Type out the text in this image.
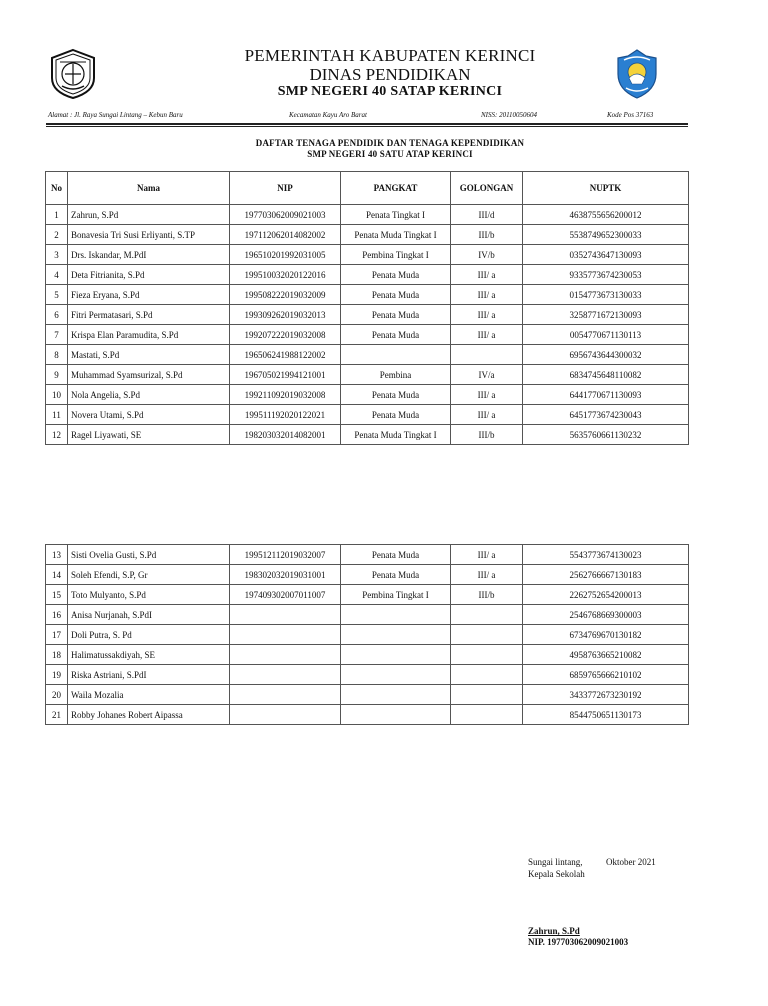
PEMERINTAH KABUPATEN KERINCI
DINAS PENDIDIKAN
SMP NEGERI 40 SATAP KERINCI
Alamat : Jl. Raya Sungai Lintang – Kebun Baru	Kecamatan Kayu Aro Barat	NISS: 20110050604	Kode Pos 37163
DAFTAR TENAGA PENDIDIK DAN TENAGA KEPENDIDIKAN
SMP NEGERI 40 SATU ATAP KERINCI
No	Nama	NIP	PANGKAT	GOLONGAN	NUPTK
1	Zahrun, S.Pd	197703062009021003	Penata Tingkat I	III/d	4638755656200012
2	Bonavesia Tri Susi Erliyanti, S.TP	197112062014082002	Penata Muda Tingkat I	III/b	5538749652300033
3	Drs. Iskandar, M.PdI	196510201992031005	Pembina Tingkat I	IV/b	0352743647130093
4	Deta Fitrianita, S.Pd	199510032020122016	Penata Muda	III/ a	9335773674230053
5	Fieza Eryana, S.Pd	199508222019032009	Penata Muda	III/ a	0154773673130033
6	Fitri Permatasari, S.Pd	199309262019032013	Penata Muda	III/ a	3258771672130093
7	Krispa Elan Paramudita, S.Pd	199207222019032008	Penata Muda	III/ a	0054770671130113
8	Mastati, S.Pd	196506241988122002			6956743644300032
9	Muhammad Syamsurizal, S.Pd	196705021994121001	Pembina	IV/a	6834745648110082
10	Nola Angelia, S.Pd	199211092019032008	Penata Muda	III/ a	6441770671130093
11	Novera Utami, S.Pd	199511192020122021	Penata Muda	III/ a	6451773674230043
12	Ragel Liyawati, SE	198203032014082001	Penata Muda Tingkat I	III/b	5635760661130232
13	Sisti Ovelia Gusti, S.Pd	199512112019032007	Penata Muda	III/ a	5543773674130023
14	Soleh Efendi, S.P, Gr	198302032019031001	Penata Muda	III/ a	2562766667130183
15	Toto Mulyanto, S.Pd	197409302007011007	Pembina Tingkat I	III/b	2262752654200013
16	Anisa Nurjanah, S.PdI				2546768669300003
17	Doli Putra, S. Pd				6734769670130182
18	Halimatussakdiyah, SE				4958763665210082
19	Riska Astriani, S.PdI				6859765666210102
20	Waila Mozalia				3433772673230192
21	Robby Johanes Robert Aipassa				8544750651130173
Sungai lintang,	Oktober 2021
Kepala Sekolah
Zahrun, S.Pd
NIP. 197703062009021003
